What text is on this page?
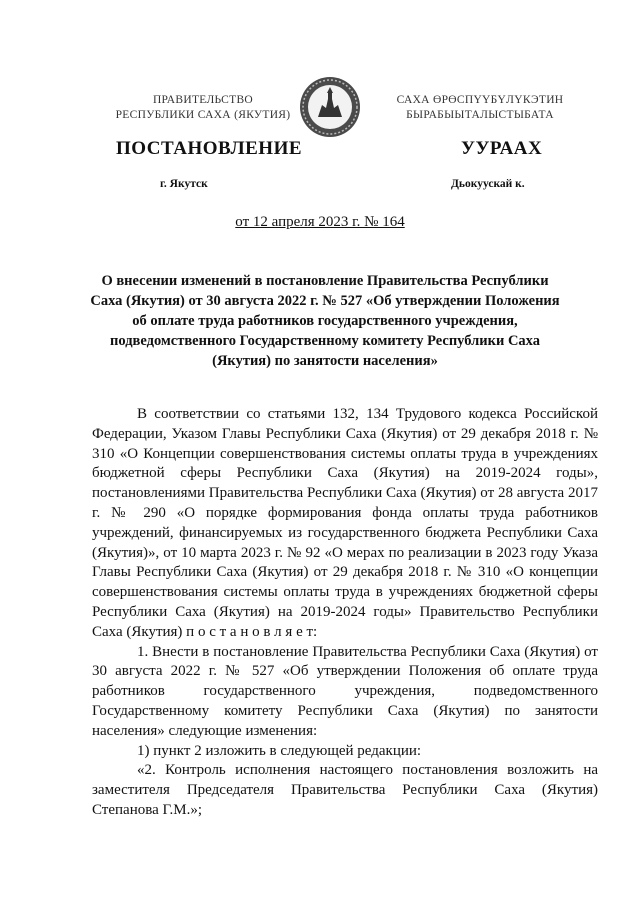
ПРАВИТЕЛЬСТВО
РЕСПУБЛИКИ САХА (ЯКУТИЯ)
САХА ӨРӨСПҮҮБҮЛҮКЭТИН
БЫРАБЫЫТАЛЫСТЫБАТА
ПОСТАНОВЛЕНИЕ	УУРААХ
г. Якутск	Дьокуускай к.
от 12 апреля 2023 г. № 164
О внесении изменений в постановление Правительства Республики Саха (Якутия) от 30 августа 2022 г. № 527 «Об утверждении Положения об оплате труда работников государственного учреждения, подведомственного Государственному комитету Республики Саха (Якутия) по занятости населения»

В соответствии со статьями 132, 134 Трудового кодекса Российской Федерации, Указом Главы Республики Саха (Якутия) от 29 декабря 2018 г. № 310 «О Концепции совершенствования системы оплаты труда в учреждениях бюджетной сферы Республики Саха (Якутия) на 2019-2024 годы», постановлениями Правительства Республики Саха (Якутия) от 28 августа 2017 г. № 290 «О порядке формирования фонда оплаты труда работников учреждений, финансируемых из государственного бюджета Республики Саха (Якутия)», от 10 марта 2023 г. № 92 «О мерах по реализации в 2023 году Указа Главы Республики Саха (Якутия) от 29 декабря 2018 г. № 310 «О концепции совершенствования системы оплаты труда в учреждениях бюджетной сферы Республики Саха (Якутия) на 2019-2024 годы» Правительство Республики Саха (Якутия) п о с т а н о в л я е т:

1. Внести в постановление Правительства Республики Саха (Якутия) от 30 августа 2022 г. № 527 «Об утверждении Положения об оплате труда работников государственного учреждения, подведомственного Государственному комитету Республики Саха (Якутия) по занятости населения» следующие изменения:

1) пункт 2 изложить в следующей редакции:

«2. Контроль исполнения настоящего постановления возложить на заместителя Председателя Правительства Республики Саха (Якутия) Степанова Г.М.»;
